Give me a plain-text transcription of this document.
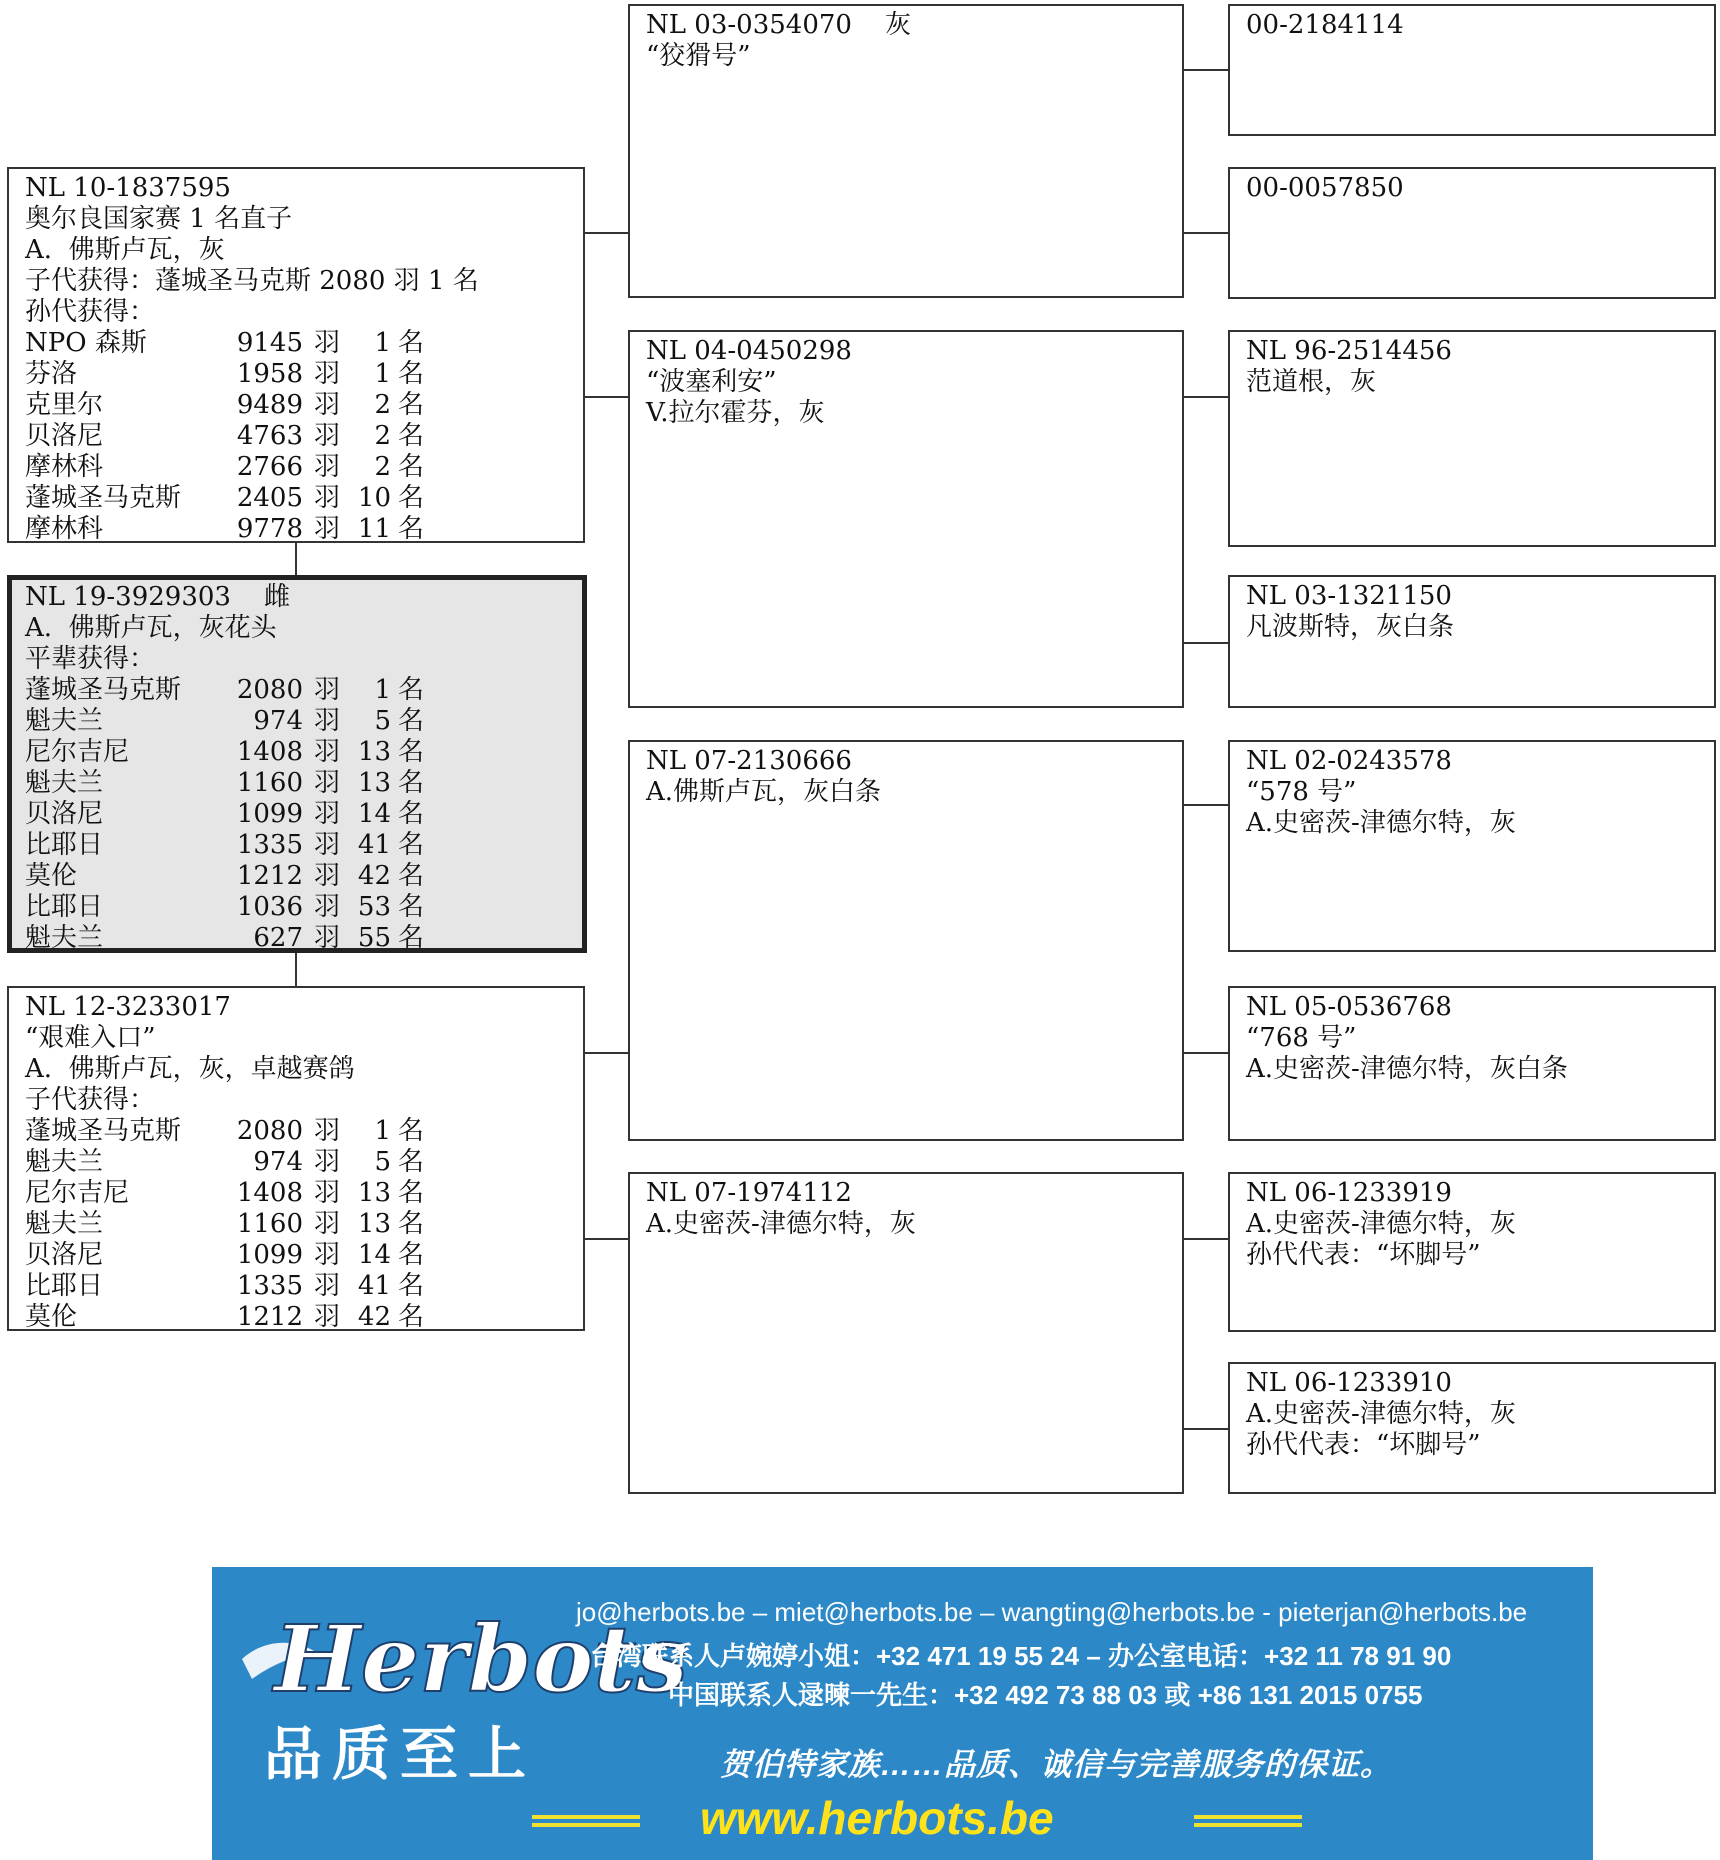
NL 10-1837595
奥尔良国家赛 1 名直子
A.  佛斯卢瓦，灰
子代获得：蓬城圣马克斯 2080 羽 1 名
孙代获得：
NPO 森斯	9145 羽	1 名
芬洛	1958 羽	1 名
克里尔	9489 羽	2 名
贝洛尼	4763 羽	2 名
摩林科	2766 羽	2 名
蓬城圣马克斯	2405 羽 10 名
摩林科	9778 羽 11 名
NL 19-3929303 雌
A.  佛斯卢瓦，灰花头
平辈获得：
蓬城圣马克斯	2080 羽	1 名
魁夫兰	974 羽	5 名
尼尔吉尼	1408 羽 13 名
魁夫兰	1160 羽 13 名
贝洛尼	1099 羽 14 名
比耶日	1335 羽 41 名
莫伦	1212 羽 42 名
比耶日	1036 羽 53 名
魁夫兰	627 羽 55 名
NL 12-3233017
“艰难入口”
A.  佛斯卢瓦，灰，卓越赛鸽
子代获得：
蓬城圣马克斯	2080 羽	1 名
魁夫兰	974 羽	5 名
尼尔吉尼	1408 羽 13 名
魁夫兰	1160 羽 13 名
贝洛尼	1099 羽 14 名
比耶日	1335 羽 41 名
莫伦	1212 羽 42 名
NL 03-0354070    灰
“狡猾号”
NL 04-0450298
“波塞利安”
V.拉尔霍芬，灰
NL 07-2130666
A.佛斯卢瓦，灰白条
NL 07-1974112
A.史密茨-津德尔特，灰
00-2184114
00-0057850
NL 96-2514456
范道根，灰
NL 03-1321150
凡波斯特，灰白条
NL 02-0243578
“578 号”
A.史密茨-津德尔特，灰
NL 05-0536768
“768 号”
A.史密茨-津德尔特，灰白条
NL 06-1233919
A.史密茨-津德尔特，灰
孙代代表：“坏脚号”
NL 06-1233910
A.史密茨-津德尔特，灰
孙代代表：“坏脚号”
Herbots
品质至上
jo@herbots.be – miet@herbots.be – wangting@herbots.be - pieterjan@herbots.be
台湾联系人卢婉婷小姐：+32 471 19 55 24 – 办公室电话：+32 11 78 91 90
中国联系人逯暕一先生：+32 492 73 88 03 或 +86 131 2015 0755
贺伯特家族……品质、诚信与完善服务的保证。
www.herbots.be
